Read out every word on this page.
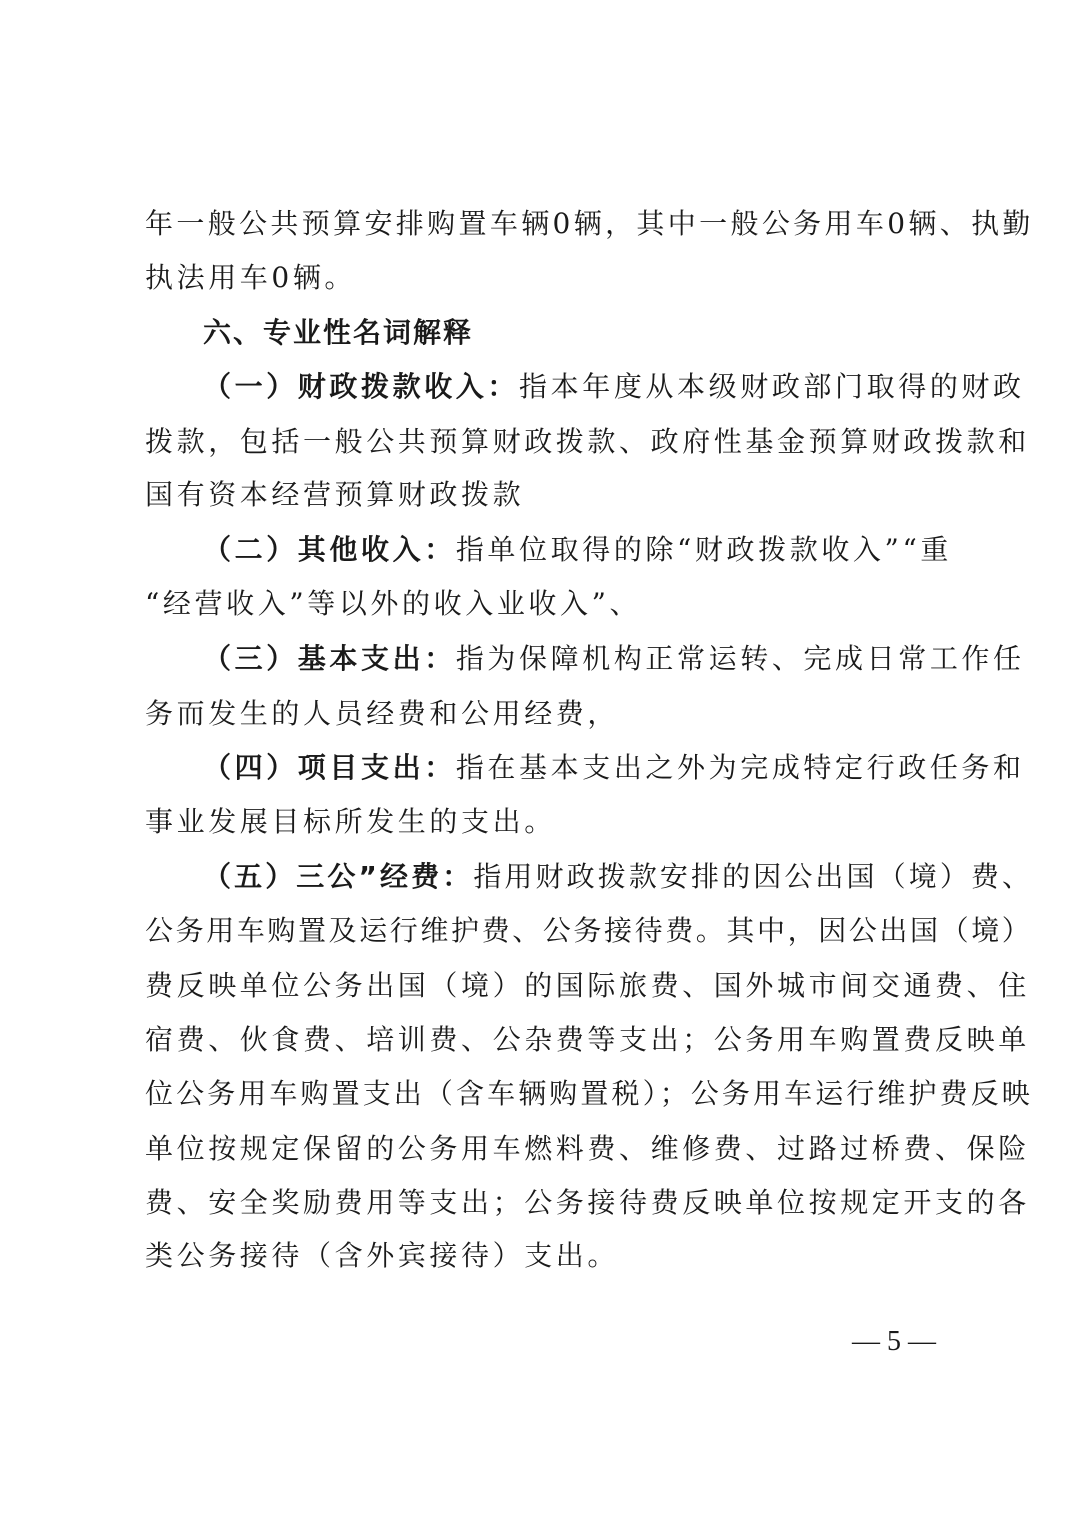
年一般公共预算安排购置车辆0辆，其中一般公务用车0辆、执勤
执法用车0辆。
六、专业性名词解释
（一）财政拨款收入：指本年度从本级财政部门取得的财政
拨款，包括一般公共预算财政拨款、政府性基金预算财政拨款和
国有资本经营预算财政拨款
（二）其他收入：指单位取得的除“财政拨款收入”“重
“经营收入”等以外的收入业收入”、
（三）基本支出：指为保障机构正常运转、完成日常工作任
务而发生的人员经费和公用经费，
（四）项目支出：指在基本支出之外为完成特定行政任务和
事业发展目标所发生的支出。
（五）三公”经费：指用财政拨款安排的因公出国（境）费、
公务用车购置及运行维护费、公务接待费。其中，因公出国（境）
费反映单位公务出国（境）的国际旅费、国外城市间交通费、住
宿费、伙食费、培训费、公杂费等支出；公务用车购置费反映单
位公务用车购置支出（含车辆购置税）；公务用车运行维护费反映
单位按规定保留的公务用车燃料费、维修费、过路过桥费、保险
费、安全奖励费用等支出；公务接待费反映单位按规定开支的各
类公务接待（含外宾接待）支出。
— 5 —
